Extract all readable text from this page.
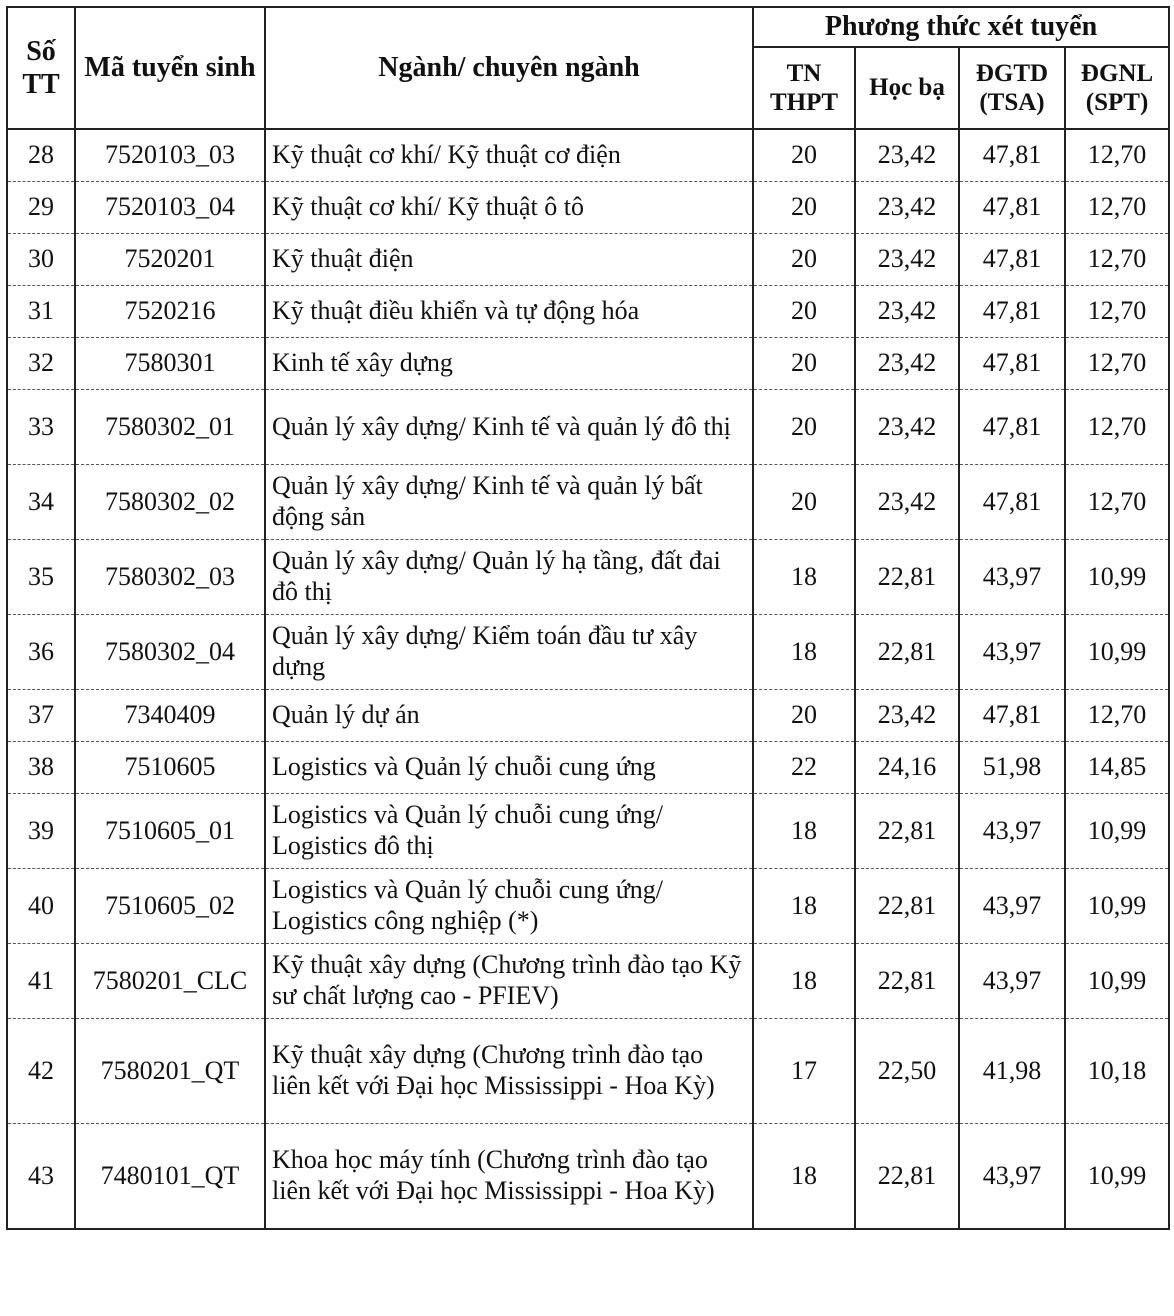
Số TT	Mã tuyển sinh	Ngành/ chuyên ngành	Phương thức xét tuyển			
			TN THPT	Học bạ	ĐGTD (TSA)	ĐGNL (SPT)
28	7520103_03	Kỹ thuật cơ khí/ Kỹ thuật cơ điện	20	23,42	47,81	12,70
29	7520103_04	Kỹ thuật cơ khí/ Kỹ thuật ô tô	20	23,42	47,81	12,70
30	7520201	Kỹ thuật điện	20	23,42	47,81	12,70
31	7520216	Kỹ thuật điều khiển và tự động hóa	20	23,42	47,81	12,70
32	7580301	Kinh tế xây dựng	20	23,42	47,81	12,70
33	7580302_01	Quản lý xây dựng/ Kinh tế và quản lý đô thị	20	23,42	47,81	12,70
34	7580302_02	Quản lý xây dựng/ Kinh tế và quản lý bất động sản	20	23,42	47,81	12,70
35	7580302_03	Quản lý xây dựng/ Quản lý hạ tầng, đất đai đô thị	18	22,81	43,97	10,99
36	7580302_04	Quản lý xây dựng/ Kiểm toán đầu tư xây dựng	18	22,81	43,97	10,99
37	7340409	Quản lý dự án	20	23,42	47,81	12,70
38	7510605	Logistics và Quản lý chuỗi cung ứng	22	24,16	51,98	14,85
39	7510605_01	Logistics và Quản lý chuỗi cung ứng/ Logistics đô thị	18	22,81	43,97	10,99
40	7510605_02	Logistics và Quản lý chuỗi cung ứng/ Logistics công nghiệp (*)	18	22,81	43,97	10,99
41	7580201_CLC	Kỹ thuật xây dựng (Chương trình đào tạo Kỹ sư chất lượng cao - PFIEV)	18	22,81	43,97	10,99
42	7580201_QT	Kỹ thuật xây dựng (Chương trình đào tạo liên kết với Đại học Mississippi - Hoa Kỳ)	17	22,50	41,98	10,18
43	7480101_QT	Khoa học máy tính (Chương trình đào tạo liên kết với Đại học Mississippi - Hoa Kỳ)	18	22,81	43,97	10,99
